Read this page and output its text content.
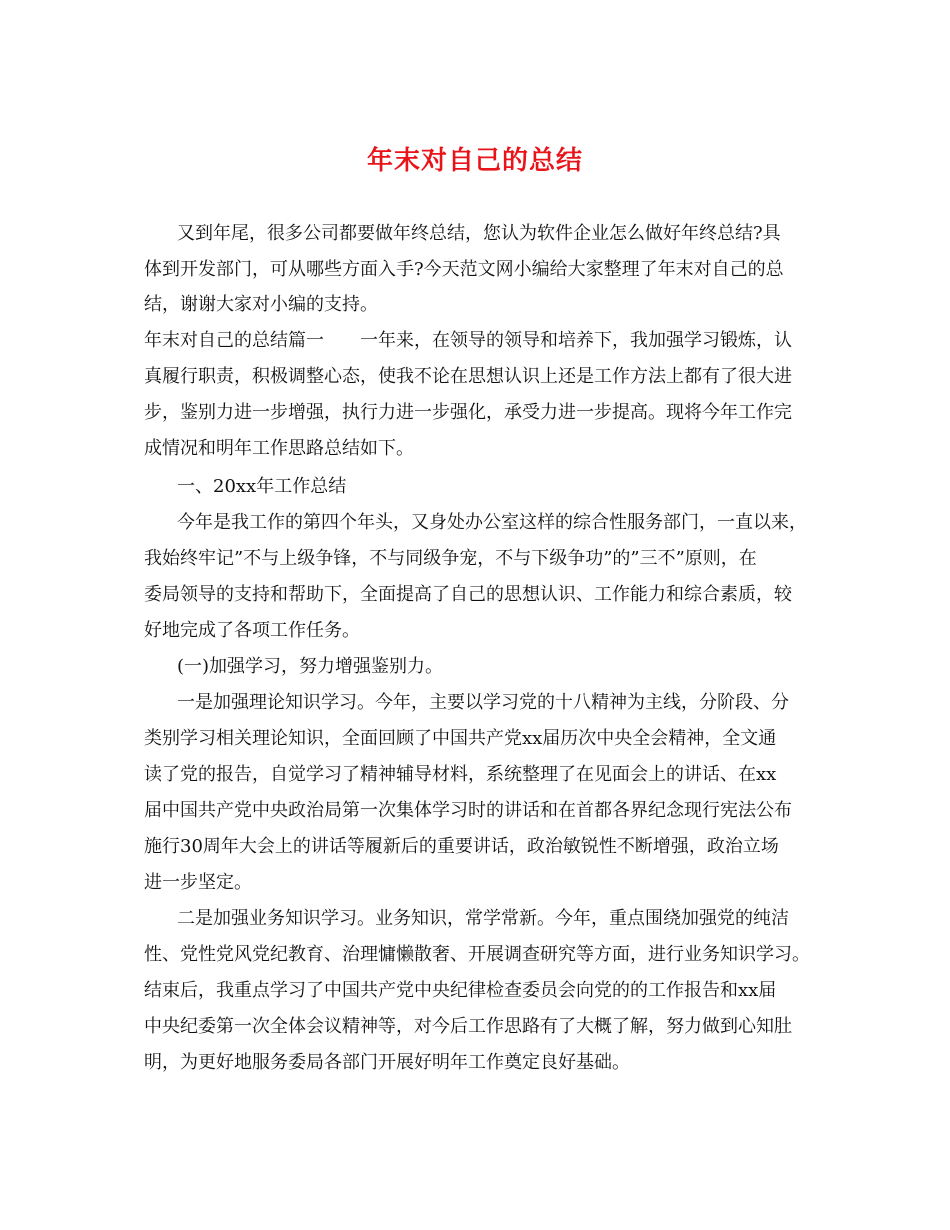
年末对自己的总结
又到年尾，很多公司都要做年终总结，您认为软件企业怎么做好年终总结?具
体到开发部门，可从哪些方面入手?今天范文网小编给大家整理了年末对自己的总
结，谢谢大家对小编的支持。
年末对自己的总结篇一　　一年来，在领导的领导和培养下，我加强学习锻炼，认
真履行职责，积极调整心态，使我不论在思想认识上还是工作方法上都有了很大进
步，鉴别力进一步增强，执行力进一步强化，承受力进一步提高。现将今年工作完
成情况和明年工作思路总结如下。
一、20xx年工作总结
今年是我工作的第四个年头，又身处办公室这样的综合性服务部门，一直以来，
我始终牢记”不与上级争锋，不与同级争宠，不与下级争功”的”三不”原则，在
委局领导的支持和帮助下，全面提高了自己的思想认识、工作能力和综合素质，较
好地完成了各项工作任务。
(一)加强学习，努力增强鉴别力。
一是加强理论知识学习。今年，主要以学习党的十八精神为主线，分阶段、分
类别学习相关理论知识，全面回顾了中国共产党xx届历次中央全会精神，全文通
读了党的报告，自觉学习了精神辅导材料，系统整理了在见面会上的讲话、在xx
届中国共产党中央政治局第一次集体学习时的讲话和在首都各界纪念现行宪法公布
施行30周年大会上的讲话等履新后的重要讲话，政治敏锐性不断增强，政治立场
进一步坚定。
二是加强业务知识学习。业务知识，常学常新。今年，重点围绕加强党的纯洁
性、党性党风党纪教育、治理慵懒散奢、开展调查研究等方面，进行业务知识学习。
结束后，我重点学习了中国共产党中央纪律检查委员会向党的的工作报告和xx届
中央纪委第一次全体会议精神等，对今后工作思路有了大概了解，努力做到心知肚
明，为更好地服务委局各部门开展好明年工作奠定良好基础。
